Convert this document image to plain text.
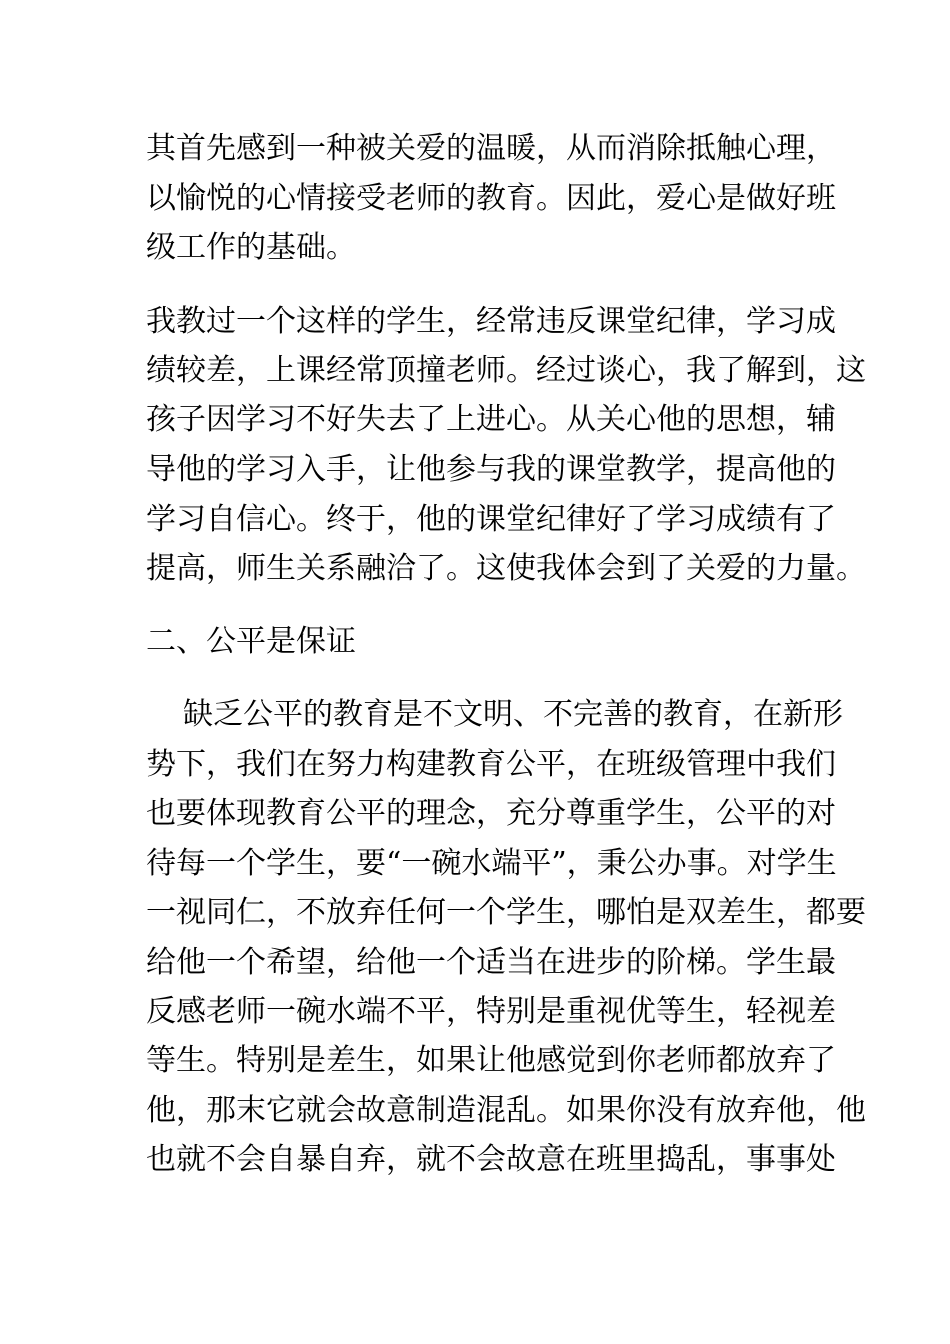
其首先感到一种被关爱的温暖，从而消除抵触心理，
以愉悦的心情接受老师的教育。因此，爱心是做好班
级工作的基础。
我教过一个这样的学生，经常违反课堂纪律，学习成
绩较差，上课经常顶撞老师。经过谈心，我了解到，这
孩子因学习不好失去了上进心。从关心他的思想，辅
导他的学习入手，让他参与我的课堂教学，提高他的
学习自信心。终于，他的课堂纪律好了学习成绩有了
提高，师生关系融洽了。这使我体会到了关爱的力量。
二、公平是保证
缺乏公平的教育是不文明、不完善的教育，在新形
势下，我们在努力构建教育公平，在班级管理中我们
也要体现教育公平的理念，充分尊重学生，公平的对
待每一个学生，要“一碗水端平”，秉公办事。对学生
一视同仁，不放弃任何一个学生，哪怕是双差生，都要
给他一个希望，给他一个适当在进步的阶梯。学生最
反感老师一碗水端不平，特别是重视优等生，轻视差
等生。特别是差生，如果让他感觉到你老师都放弃了
他，那末它就会故意制造混乱。如果你没有放弃他，他
也就不会自暴自弃，就不会故意在班里捣乱，事事处
